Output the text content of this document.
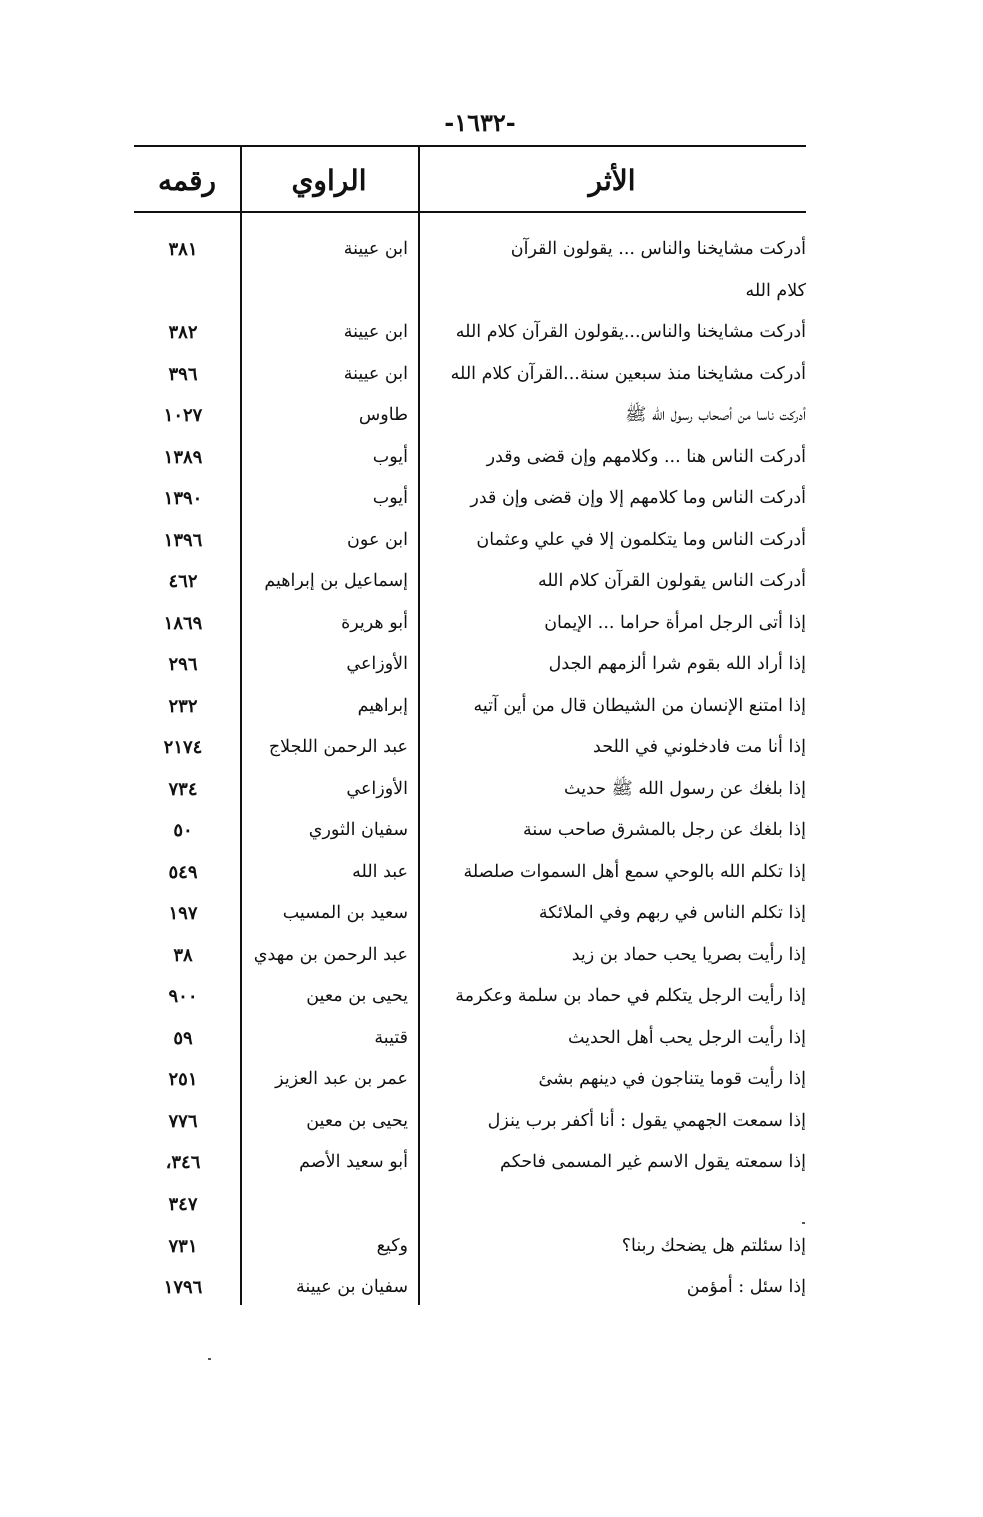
-١٦٣٢-
رقمه	الراوي	الأثر
٣٨١	ابن عيينة	أدركت مشايخنا والناس ... يقولون القرآن
كلام الله
٣٨٢	ابن عيينة	أدركت مشايخنا والناس...يقولون القرآن كلام الله
٣٩٦	ابن عيينة	أدركت مشايخنا منذ سبعين سنة...القرآن كلام الله
١٠٢٧	طاوس	أدركت ناسا من أصحاب رسول الله ﷺ
١٣٨٩	أيوب	أدركت الناس هنا ... وكلامهم وإن قضى وقدر
١٣٩٠	أيوب	أدركت الناس وما كلامهم إلا وإن قضى وإن قدر
١٣٩٦	ابن عون	أدركت الناس وما يتكلمون إلا في علي وعثمان
٤٦٢	إسماعيل بن إبراهيم	أدركت الناس يقولون القرآن كلام الله
١٨٦٩	أبو هريرة	إذا أتى الرجل امرأة حراما ... الإيمان
٢٩٦	الأوزاعي	إذا أراد الله بقوم شرا ألزمهم الجدل
٢٣٢	إبراهيم	إذا امتنع الإنسان من الشيطان قال من أين آتيه
٢١٧٤	عبد الرحمن اللجلاج	إذا أنا مت فادخلوني في اللحد
٧٣٤	الأوزاعي	إذا بلغك عن رسول الله ﷺ حديث
٥٠	سفيان الثوري	إذا بلغك عن رجل بالمشرق صاحب سنة
٥٤٩	عبد الله	إذا تكلم الله بالوحي سمع أهل السموات صلصلة
١٩٧	سعيد بن المسيب	إذا تكلم الناس في ربهم وفي الملائكة
٣٨	عبد الرحمن بن مهدي	إذا رأيت بصريا يحب حماد بن زيد
٩٠٠	يحيى بن معين	إذا رأيت الرجل يتكلم في حماد بن سلمة وعكرمة
٥٩	قتيبة	إذا رأيت الرجل يحب أهل الحديث
٢٥١	عمر بن عبد العزيز	إذا رأيت قوما يتناجون في دينهم بشئ
٧٧٦	يحيى بن معين	إذا سمعت الجهمي يقول : أنا أكفر برب ينزل
٣٤٦،	أبو سعيد الأصم	إذا سمعته يقول الاسم غير المسمى فاحكم
٣٤٧
٧٣١	وكيع	إذا سئلتم هل يضحك ربنا؟
١٧٩٦	سفيان بن عيينة	إذا سئل : أمؤمن
